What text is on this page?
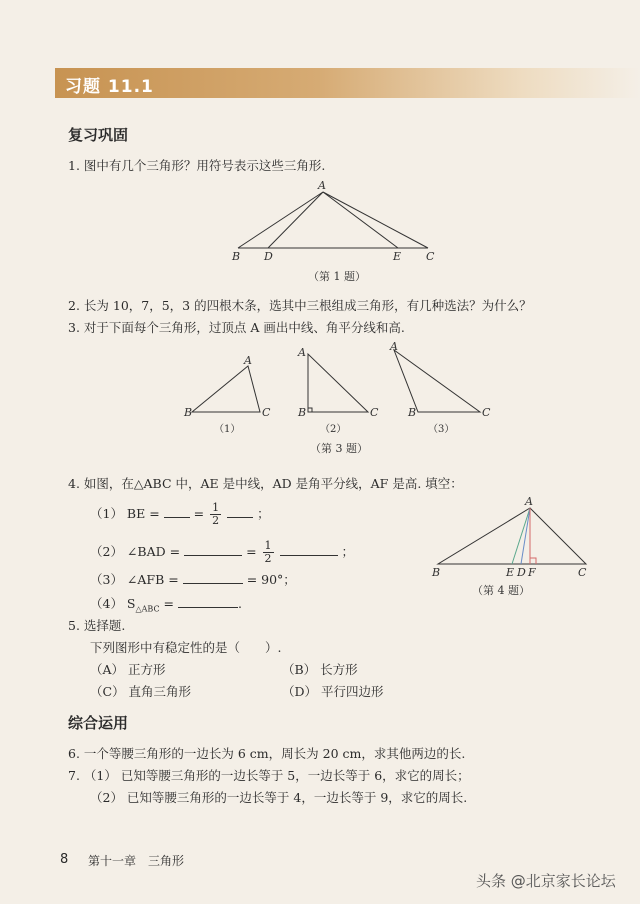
习题 11.1
复习巩固
1. 图中有几个三角形？用符号表示这些三角形.
A
B D	E C
（第 1 题）
2. 长为 10，7，5，3 的四根木条，选其中三根组成三角形，有几种选法？为什么？
3. 对于下面每个三角形，过顶点 A 画出中线、角平分线和高.
A
B	C
A
B	C
A
B	C
（1）	（2）	（3）
（第 3 题）
4. 如图，在△ABC 中，AE 是中线，AD 是角平分线，AF 是高. 填空：
（1） BE =	= $\frac{1}{2}$	；
（2） ∠BAD =	= $\frac{1}{2}$	；
（3） ∠AFB =	= 90°；
（4） $S_{\triangle ABC}$ =	.
A
B	E D F	C
（第 4 题）
5. 选择题.
下列图形中有稳定性的是（　　）.
（A） 正方形	（B） 长方形
（C） 直角三角形	（D） 平行四边形
综合运用
6. 一个等腰三角形的一边长为 6 cm，周长为 20 cm，求其他两边的长.
7. （1） 已知等腰三角形的一边长等于 5，一边长等于 6，求它的周长；
（2） 已知等腰三角形的一边长等于 4，一边长等于 9，求它的周长.
8 第十一章　三角形
头条 @北京家长论坛
